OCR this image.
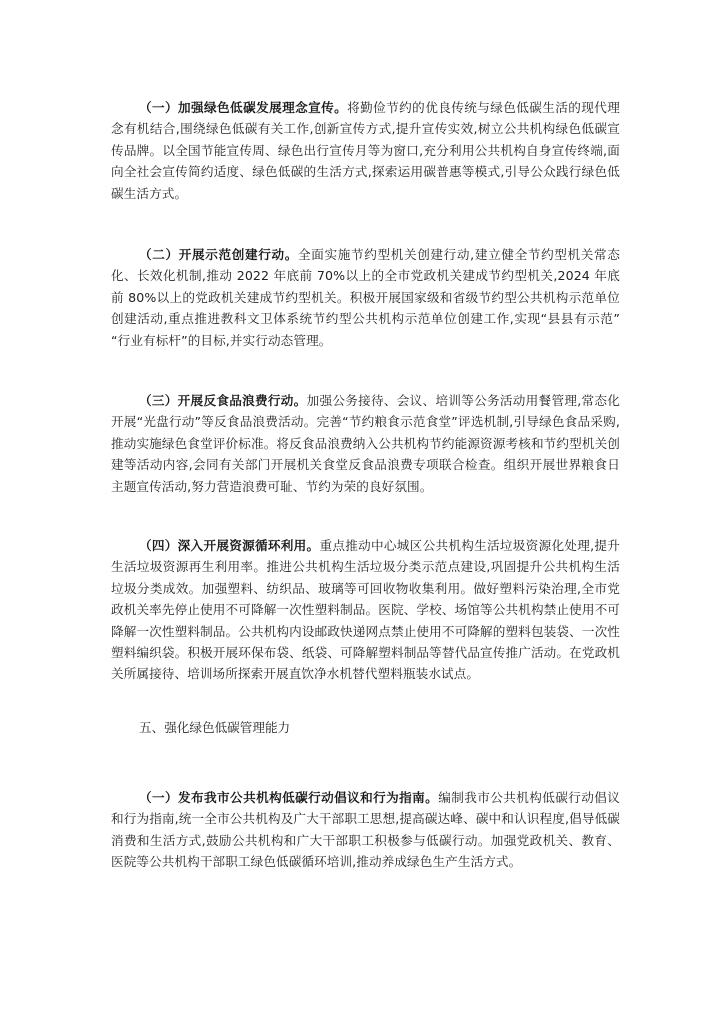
（一）加强绿色低碳发展理念宣传。将勤俭节约的优良传统与绿色低碳生活的现代理念有机结合,围绕绿色低碳有关工作,创新宣传方式,提升宣传实效,树立公共机构绿色低碳宣传品牌。以全国节能宣传周、绿色出行宣传月等为窗口,充分利用公共机构自身宣传终端,面向全社会宣传简约适度、绿色低碳的生活方式,探索运用碳普惠等模式,引导公众践行绿色低碳生活方式。

（二）开展示范创建行动。全面实施节约型机关创建行动,建立健全节约型机关常态化、长效化机制,推动 2022 年底前 70%以上的全市党政机关建成节约型机关,2024 年底前 80%以上的党政机关建成节约型机关。积极开展国家级和省级节约型公共机构示范单位创建活动,重点推进教科文卫体系统节约型公共机构示范单位创建工作,实现“县县有示范” “行业有标杆”的目标,并实行动态管理。

（三）开展反食品浪费行动。加强公务接待、会议、培训等公务活动用餐管理,常态化开展“光盘行动”等反食品浪费活动。完善“节约粮食示范食堂”评选机制,引导绿色食品采购,推动实施绿色食堂评价标准。将反食品浪费纳入公共机构节约能源资源考核和节约型机关创建等活动内容,会同有关部门开展机关食堂反食品浪费专项联合检查。组织开展世界粮食日主题宣传活动,努力营造浪费可耻、节约为荣的良好氛围。

（四）深入开展资源循环利用。重点推动中心城区公共机构生活垃圾资源化处理,提升生活垃圾资源再生利用率。推进公共机构生活垃圾分类示范点建设,巩固提升公共机构生活垃圾分类成效。加强塑料、纺织品、玻璃等可回收物收集利用。做好塑料污染治理,全市党政机关率先停止使用不可降解一次性塑料制品。医院、学校、场馆等公共机构禁止使用不可降解一次性塑料制品。公共机构内设邮政快递网点禁止使用不可降解的塑料包装袋、一次性塑料编织袋。积极开展环保布袋、纸袋、可降解塑料制品等替代品宣传推广活动。在党政机关所属接待、培训场所探索开展直饮净水机替代塑料瓶装水试点。

五、强化绿色低碳管理能力

（一）发布我市公共机构低碳行动倡议和行为指南。编制我市公共机构低碳行动倡议和行为指南,统一全市公共机构及广大干部职工思想,提高碳达峰、碳中和认识程度,倡导低碳消费和生活方式,鼓励公共机构和广大干部职工积极参与低碳行动。加强党政机关、教育、医院等公共机构干部职工绿色低碳循环培训,推动养成绿色生产生活方式。
